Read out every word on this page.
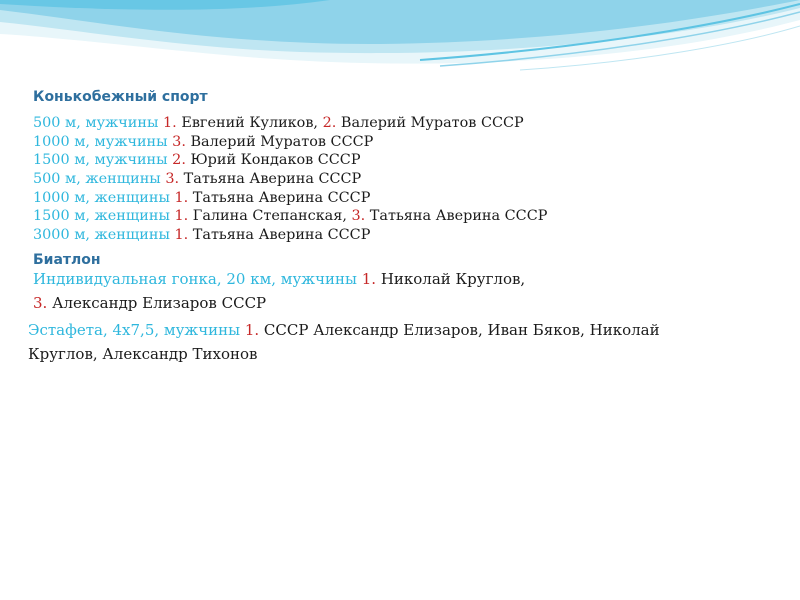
Конькобежный спорт
500 м, мужчины 1. Евгений Куликов, 2. Валерий Муратов СССР
1000 м, мужчины 3. Валерий Муратов СССР
1500 м, мужчины 2. Юрий Кондаков СССР
500 м, женщины 3. Татьяна Аверина СССР
1000 м, женщины 1. Татьяна Аверина СССР
1500 м, женщины 1. Галина Степанская, 3. Татьяна Аверина СССР
3000 м, женщины 1. Татьяна Аверина СССР
Биатлон
Индивидуальная гонка, 20 км, мужчины 1. Николай Круглов,
3. Александр Елизаров СССР
Эстафета, 4х7,5, мужчины 1. СССР Александр Елизаров, Иван Бяков, Николай
Круглов, Александр Тихонов
